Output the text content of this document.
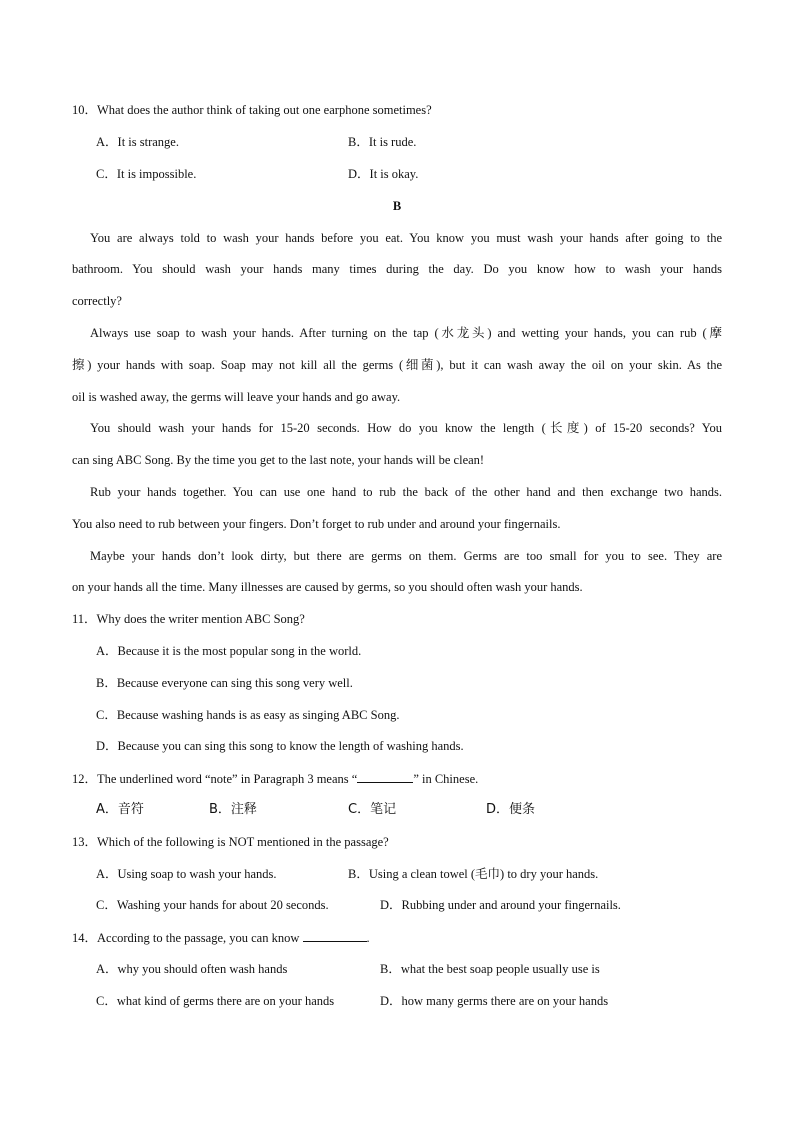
10．What does the author think of taking out one earphone sometimes?
A．It is strange.	B．It is rude.
C．It is impossible.	D．It is okay.
B
You are always told to wash your hands before you eat. You know you must wash your hands after going to the
bathroom. You should wash your hands many times during the day. Do you know how to wash your hands
correctly?
Always use soap to wash your hands. After turning on the tap (水龙头) and wetting your hands, you can rub (摩
擦) your hands with soap. Soap may not kill all the germs (细菌), but it can wash away the oil on your skin. As the
oil is washed away, the germs will leave your hands and go away.
You should wash your hands for 15-20 seconds. How do you know the length (长度) of 15-20 seconds? You
can sing ABC Song. By the time you get to the last note, your hands will be clean!
Rub your hands together. You can use one hand to rub the back of the other hand and then exchange two hands.
You also need to rub between your fingers. Don’t forget to rub under and around your fingernails.
Maybe your hands don’t look dirty, but there are germs on them. Germs are too small for you to see. They are
on your hands all the time. Many illnesses are caused by germs, so you should often wash your hands.
11．Why does the writer mention ABC Song?
A．Because it is the most popular song in the world.
B．Because everyone can sing this song very well.
C．Because washing hands is as easy as singing ABC Song.
D．Because you can sing this song to know the length of washing hands.
12．The underlined word “note” in Paragraph 3 means “	” in Chinese.
A．音符	B．注释	C．笔记	D．便条
13．Which of the following is NOT mentioned in the passage?
A．Using soap to wash your hands.	B．Using a clean towel (毛巾) to dry your hands.
C．Washing your hands for about 20 seconds.	D．Rubbing under and around your fingernails.
14．According to the passage, you can know	.
A．why you should often wash hands	B．what the best soap people usually use is
C．what kind of germs there are on your hands	D．how many germs there are on your hands
